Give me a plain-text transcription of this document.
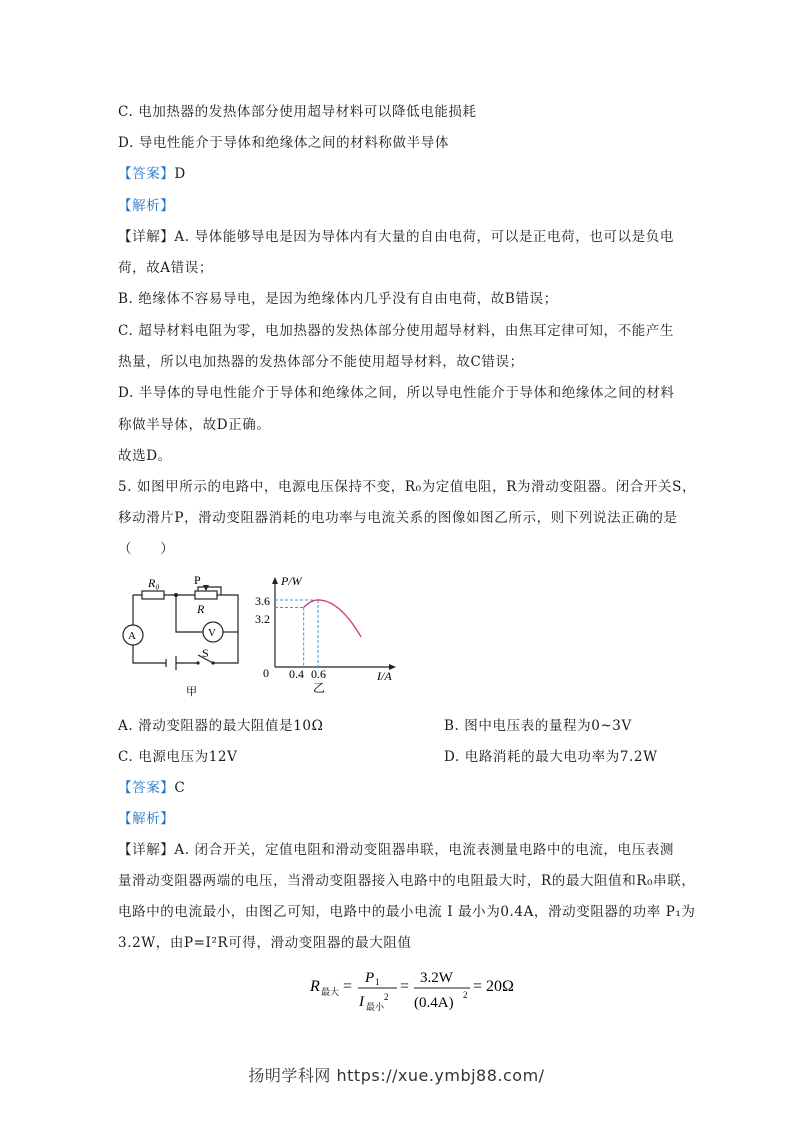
C. 电加热器的发热体部分使用超导材料可以降低电能损耗
D. 导电性能介于导体和绝缘体之间的材料称做半导体
【答案】D
【解析】
【详解】A. 导体能够导电是因为导体内有大量的自由电荷，可以是正电荷，也可以是负电
荷，故A错误；
B. 绝缘体不容易导电，是因为绝缘体内几乎没有自由电荷，故B错误；
C. 超导材料电阻为零，电加热器的发热体部分使用超导材料，由焦耳定律可知，不能产生
热量，所以电加热器的发热体部分不能使用超导材料，故C错误；
D. 半导体的导电性能介于导体和绝缘体之间，所以导电性能介于导体和绝缘体之间的材料
称做半导体，故D正确。
故选D。
5. 如图甲所示的电路中，电源电压保持不变，R₀为定值电阻，R为滑动变阻器。闭合开关S，
移动滑片P，滑动变阻器消耗的电功率与电流关系的图像如图乙所示，则下列说法正确的是
（　　）
R₀	P
R
A	V
S
甲
P/W
I/A
0
3.6
3.2
0.4 0.6
乙
A. 滑动变阻器的最大阻值是10Ω	B. 图中电压表的量程为0~3V
C. 电源电压为12V	D. 电路消耗的最大电功率为7.2W
【答案】C
【解析】
【详解】A. 闭合开关，定值电阻和滑动变阻器串联，电流表测量电路中的电流，电压表测
量滑动变阻器两端的电压，当滑动变阻器接入电路中的电阻最大时，R的最大阻值和R₀串联，
电路中的电流最小，由图乙可知，电路中的最小电流 I 最小为0.4A，滑动变阻器的功率 P₁为
3.2W，由P=I²R可得，滑动变阻器的最大阻值
R 最大 = P 1
I 最小
2
= 3.2W
(0.4A) 2 = 20Ω
扬明学科网 https://xue.ymbj88.com/
